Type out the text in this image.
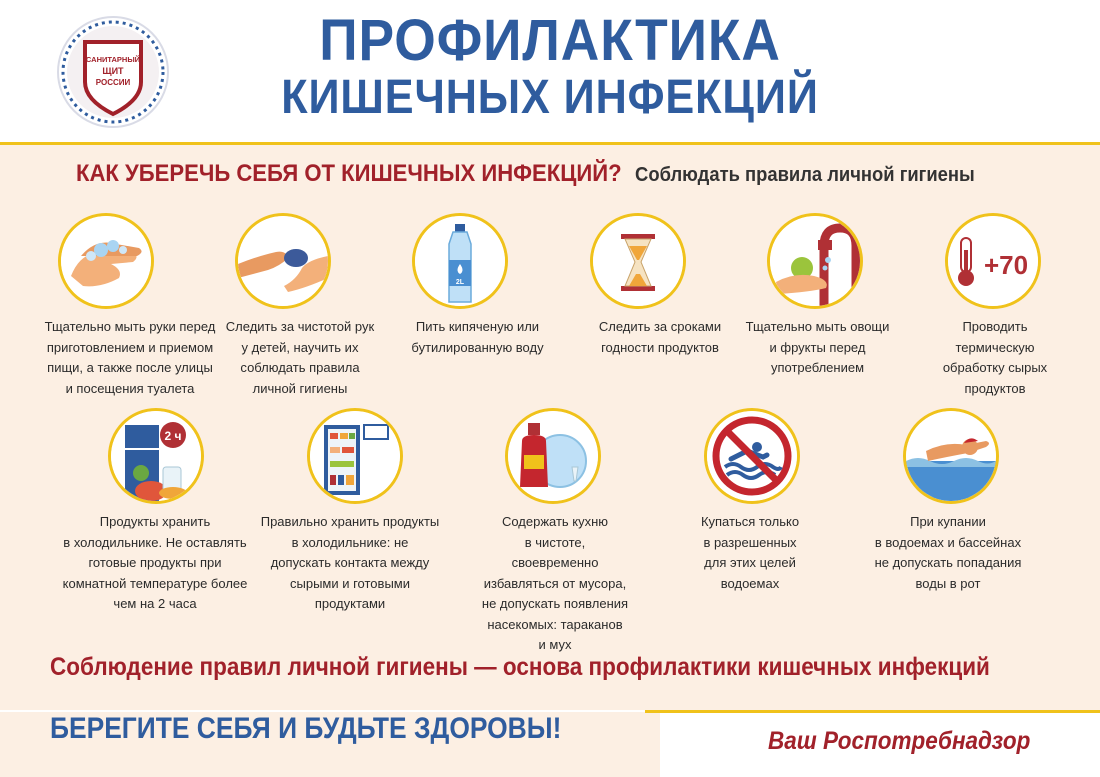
САНИТАРНЫЙ
ЩИТ
РОССИИ
ПРОФИЛАКТИКА
КИШЕЧНЫХ ИНФЕКЦИЙ
КАК УБЕРЕЧЬ СЕБЯ ОТ КИШЕЧНЫХ ИНФЕКЦИЙ? Соблюдать правила личной гигиены
Тщательно мыть руки перед
приготовлением и приемом
пищи, а также после улицы
и посещения туалета
Следить за чистотой рук
у детей, научить их
соблюдать правила
личной гигиены
2L
Пить кипяченую или
бутилированную воду
Следить за сроками
годности продуктов
Тщательно мыть овощи
и фрукты перед
употреблением
+70
Проводить
термическую
обработку сырых
продуктов
2 ч
Продукты хранить
в холодильнике. Не оставлять
готовые продукты при
комнатной температуре более
чем на 2 часа
Правильно хранить продукты
в холодильнике: не
допускать контакта между
сырыми и готовыми
продуктами
Содержать кухню
в чистоте, своевременно
избавляться от мусора,
не допускать появления
насекомых: тараканов
и мух
Купаться только
в разрешенных
для этих целей
водоемах
При купании
в водоемах и бассейнах
не допускать попадания
воды в рот
Соблюдение правил личной гигиены — основа профилактики кишечных инфекций
БЕРЕГИТЕ СЕБЯ И БУДЬТЕ ЗДОРОВЫ!	Ваш Роспотребнадзор
